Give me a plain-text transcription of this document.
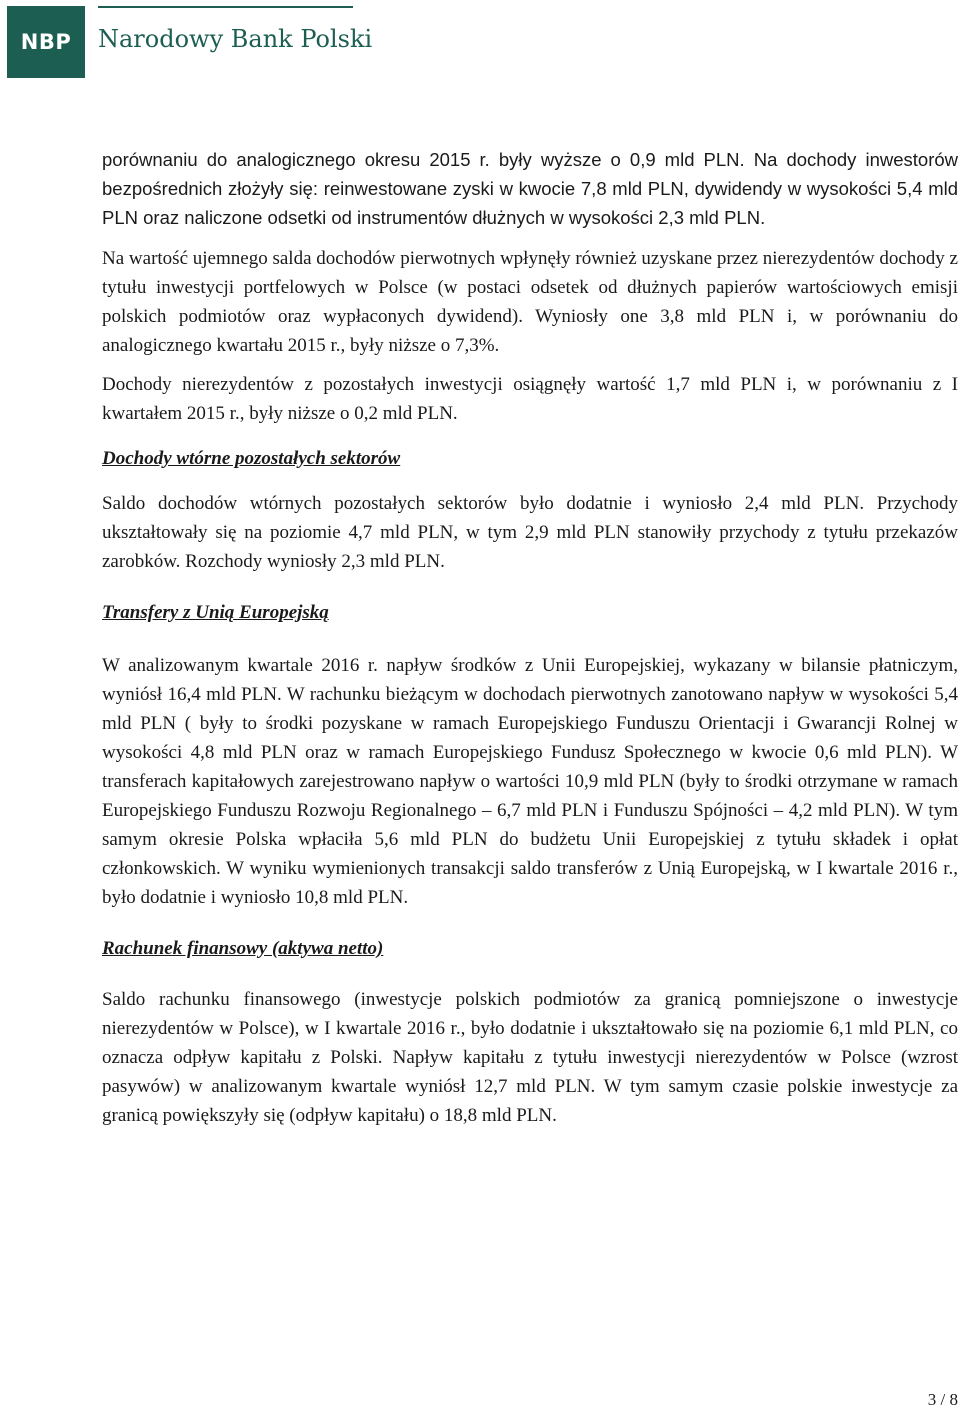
NBP	Narodowy Bank Polski

porównaniu do analogicznego okresu 2015 r. były wyższe o 0,9 mld PLN. Na dochody inwestorów bezpośrednich złożyły się: reinwestowane zyski w kwocie 7,8 mld PLN, dywidendy w wysokości 5,4 mld PLN oraz naliczone odsetki od instrumentów dłużnych w wysokości 2,3 mld PLN.

Na wartość ujemnego salda dochodów pierwotnych wpłynęły również uzyskane przez nierezydentów dochody z tytułu inwestycji portfelowych w Polsce (w postaci odsetek od dłużnych papierów wartościowych emisji polskich podmiotów oraz wypłaconych dywidend). Wyniosły one 3,8 mld PLN i, w porównaniu do analogicznego kwartału 2015 r., były niższe o 7,3%.

Dochody nierezydentów z pozostałych inwestycji osiągnęły wartość 1,7 mld PLN i, w porównaniu z I kwartałem 2015 r., były niższe o 0,2 mld PLN.

Dochody wtórne pozostałych sektorów

Saldo dochodów wtórnych pozostałych sektorów było dodatnie i wyniosło 2,4 mld PLN. Przychody ukształtowały się na poziomie 4,7 mld PLN, w tym 2,9 mld PLN stanowiły przychody z tytułu przekazów zarobków. Rozchody wyniosły 2,3 mld PLN.

Transfery z Unią Europejską

W analizowanym kwartale 2016 r. napływ środków z Unii Europejskiej, wykazany w bilansie płatniczym, wyniósł 16,4 mld PLN. W rachunku bieżącym w dochodach pierwotnych zanotowano napływ w wysokości 5,4 mld PLN ( były to środki pozyskane w ramach Europejskiego Funduszu Orientacji i Gwarancji Rolnej w wysokości 4,8 mld PLN oraz w ramach Europejskiego Fundusz Społecznego w kwocie 0,6 mld PLN). W transferach kapitałowych zarejestrowano napływ o wartości 10,9 mld PLN (były to środki otrzymane w ramach Europejskiego Funduszu Rozwoju Regionalnego – 6,7 mld PLN i Funduszu Spójności – 4,2 mld PLN). W tym samym okresie Polska wpłaciła 5,6 mld PLN do budżetu Unii Europejskiej z tytułu składek i opłat członkowskich. W wyniku wymienionych transakcji saldo transferów z Unią Europejską, w I kwartale 2016 r., było dodatnie i wyniosło 10,8 mld PLN.

Rachunek finansowy (aktywa netto)

Saldo rachunku finansowego (inwestycje polskich podmiotów za granicą pomniejszone o inwestycje nierezydentów w Polsce), w I kwartale 2016 r., było dodatnie i ukształtowało się na poziomie 6,1 mld PLN, co oznacza odpływ kapitału z Polski. Napływ kapitału z tytułu inwestycji nierezydentów w Polsce (wzrost pasywów) w analizowanym kwartale wyniósł 12,7 mld PLN. W tym samym czasie polskie inwestycje za granicą powiększyły się (odpływ kapitału) o 18,8 mld PLN.

3 / 8
